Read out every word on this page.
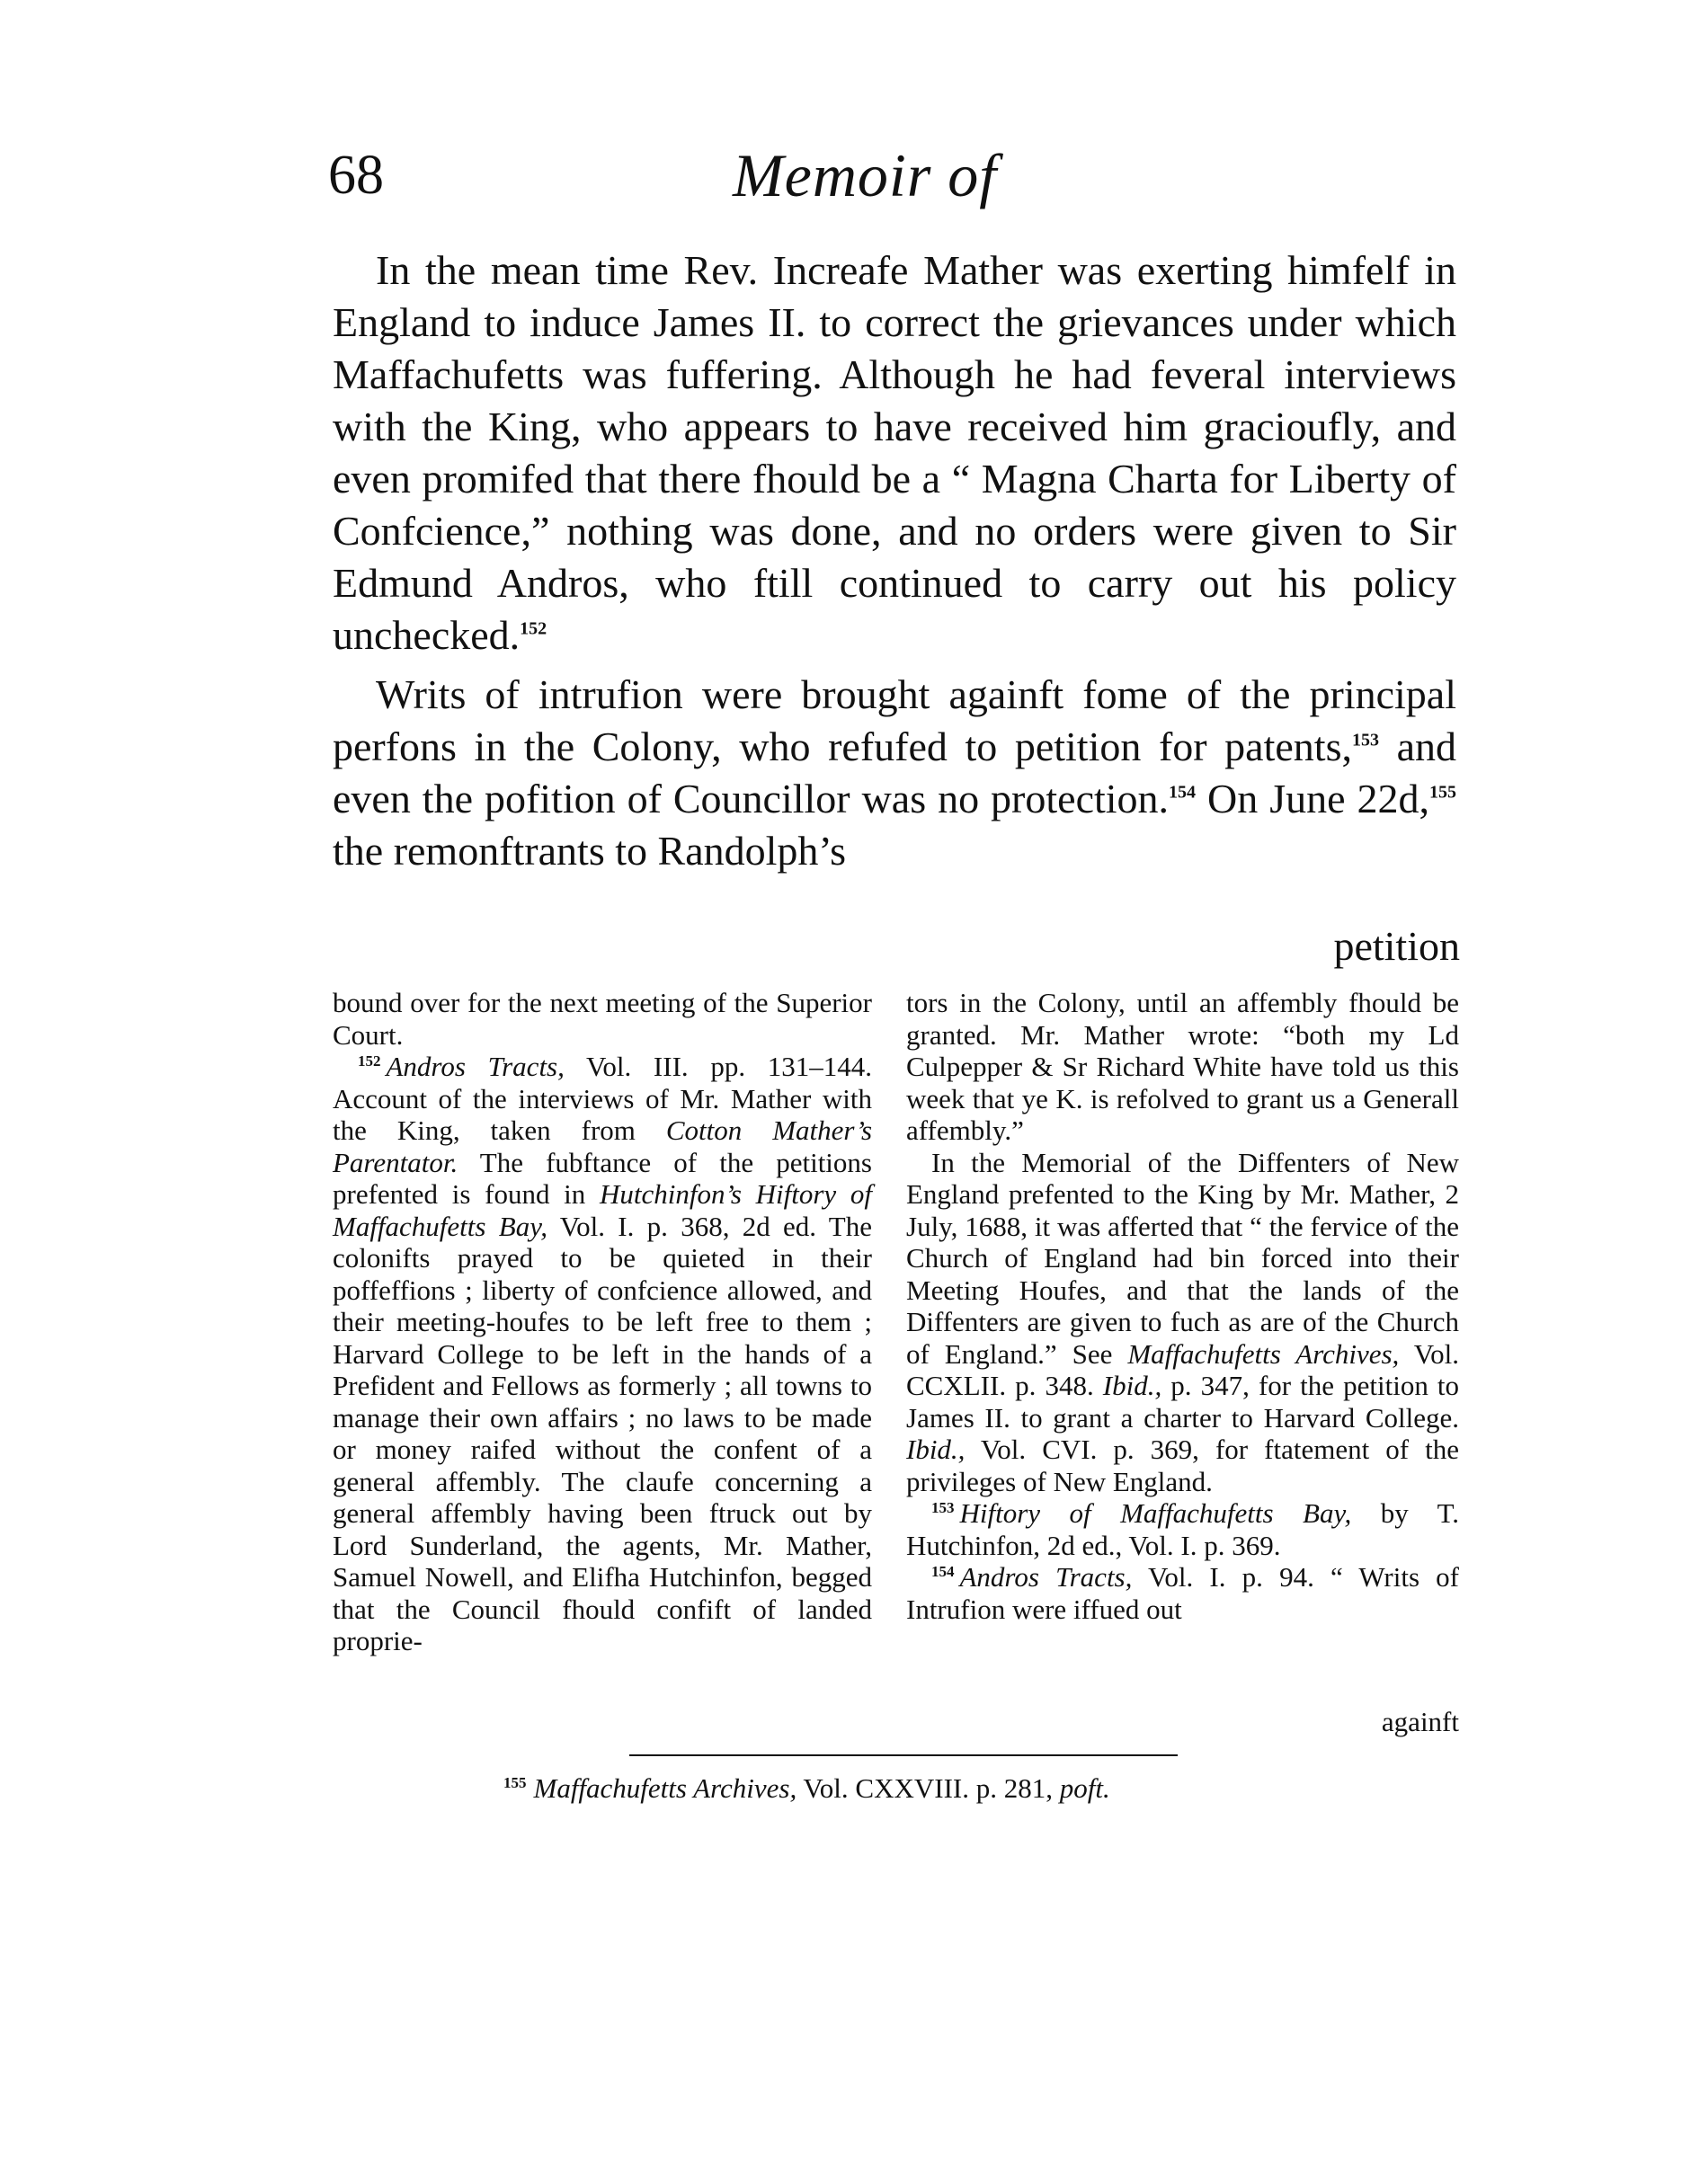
68	Memoir of

In the mean time Rev. Increafe Mather was exerting himfelf in England to induce James II. to correct the grievances under which Maffachufetts was fuffering. Although he had feveral interviews with the King, who appears to have received him gracioufly, and even promifed that there fhould be a “ Magna Charta for Liberty of Confcience,” nothing was done, and no orders were given to Sir Edmund Andros, who ftill continued to carry out his policy unchecked.$^{152}$

Writs of intrufion were brought againft fome of the principal perfons in the Colony, who refufed to petition for patents,$^{153}$ and even the pofition of Councillor was no protection.$^{154}$ On June 22d,$^{155}$ the remonftrants to Randolph’s

petition

bound over for the next meeting of the Superior Court.

$^{152}$ Andros Tracts, Vol. III. pp. 131–144. Account of the interviews of Mr. Mather with the King, taken from Cotton Mather’s Parentator. The fubftance of the petitions prefented is found in Hutchinfon’s Hiftory of Maffachufetts Bay, Vol. I. p. 368, 2d ed. The colonifts prayed to be quieted in their poffeffions ; liberty of confcience allowed, and their meeting-houfes to be left free to them ; Harvard College to be left in the hands of a Prefident and Fellows as formerly ; all towns to manage their own affairs ; no laws to be made or money raifed without the confent of a general affembly. The claufe concerning a general affembly having been ftruck out by Lord Sunderland, the agents, Mr. Mather, Samuel Nowell, and Elifha Hutchinfon, begged that the Council fhould confift of landed proprie-

tors in the Colony, until an affembly fhould be granted. Mr. Mather wrote: “both my Ld Culpepper & Sr Richard White have told us this week that ye K. is refolved to grant us a Generall affembly.”

In the Memorial of the Diffenters of New England prefented to the King by Mr. Mather, 2 July, 1688, it was afferted that “ the fervice of the Church of England had bin forced into their Meeting Houfes, and that the lands of the Diffenters are given to fuch as are of the Church of England.” See Maffachufetts Archives, Vol. CCXLII. p. 348. Ibid., p. 347, for the petition to James II. to grant a charter to Harvard College. Ibid., Vol. CVI. p. 369, for ftatement of the privileges of New England.

$^{153}$ Hiftory of Maffachufetts Bay, by T. Hutchinfon, 2d ed., Vol. I. p. 369.

$^{154}$ Andros Tracts, Vol. I. p. 94. “ Writs of Intrufion were iffued out

againft
$^{155}$ Maffachufetts Archives, Vol. CXXVIII. p. 281, poft.
